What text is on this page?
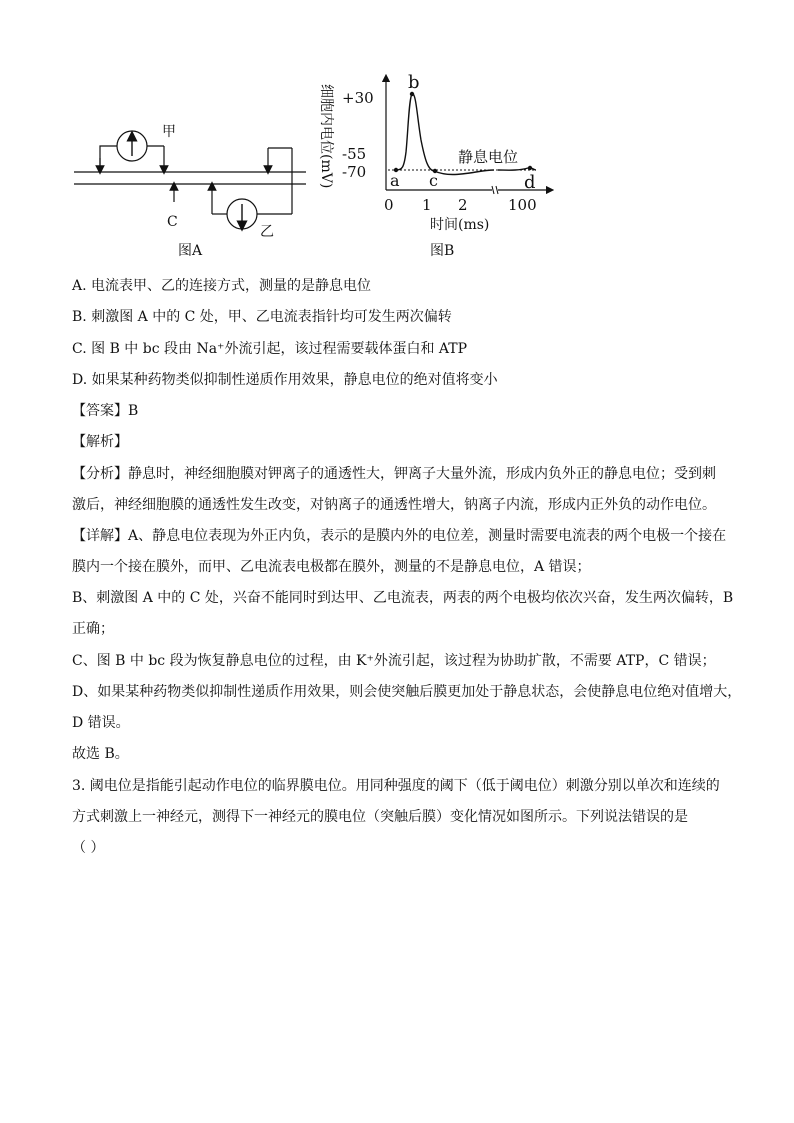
甲
乙
C
图A
细胞内电位(mV) +30
-55
-70 a
b
c	d
静息电位
0 1 2	100
时间(ms)
图B
A. 电流表甲、乙的连接方式，测量的是静息电位
B. 刺激图 A 中的 C 处，甲、乙电流表指针均可发生两次偏转
C. 图 B 中 bc 段由 Na⁺外流引起，该过程需要载体蛋白和 ATP
D. 如果某种药物类似抑制性递质作用效果，静息电位的绝对值将变小
【答案】B
【解析】
【分析】静息时，神经细胞膜对钾离子的通透性大，钾离子大量外流，形成内负外正的静息电位；受到刺
激后，神经细胞膜的通透性发生改变，对钠离子的通透性增大，钠离子内流，形成内正外负的动作电位。
【详解】A、静息电位表现为外正内负，表示的是膜内外的电位差，测量时需要电流表的两个电极一个接在
膜内一个接在膜外，而甲、乙电流表电极都在膜外，测量的不是静息电位，A 错误；
B、刺激图 A 中的 C 处，兴奋不能同时到达甲、乙电流表，两表的两个电极均依次兴奋，发生两次偏转，B
正确；
C、图 B 中 bc 段为恢复静息电位的过程，由 K⁺外流引起，该过程为协助扩散，不需要 ATP，C 错误；
D、如果某种药物类似抑制性递质作用效果，则会使突触后膜更加处于静息状态，会使静息电位绝对值增大，
D 错误。
故选 B。
3. 阈电位是指能引起动作电位的临界膜电位。用同种强度的阈下（低于阈电位）刺激分别以单次和连续的
方式刺激上一神经元，测得下一神经元的膜电位（突触后膜）变化情况如图所示。下列说法错误的是
（ ）
